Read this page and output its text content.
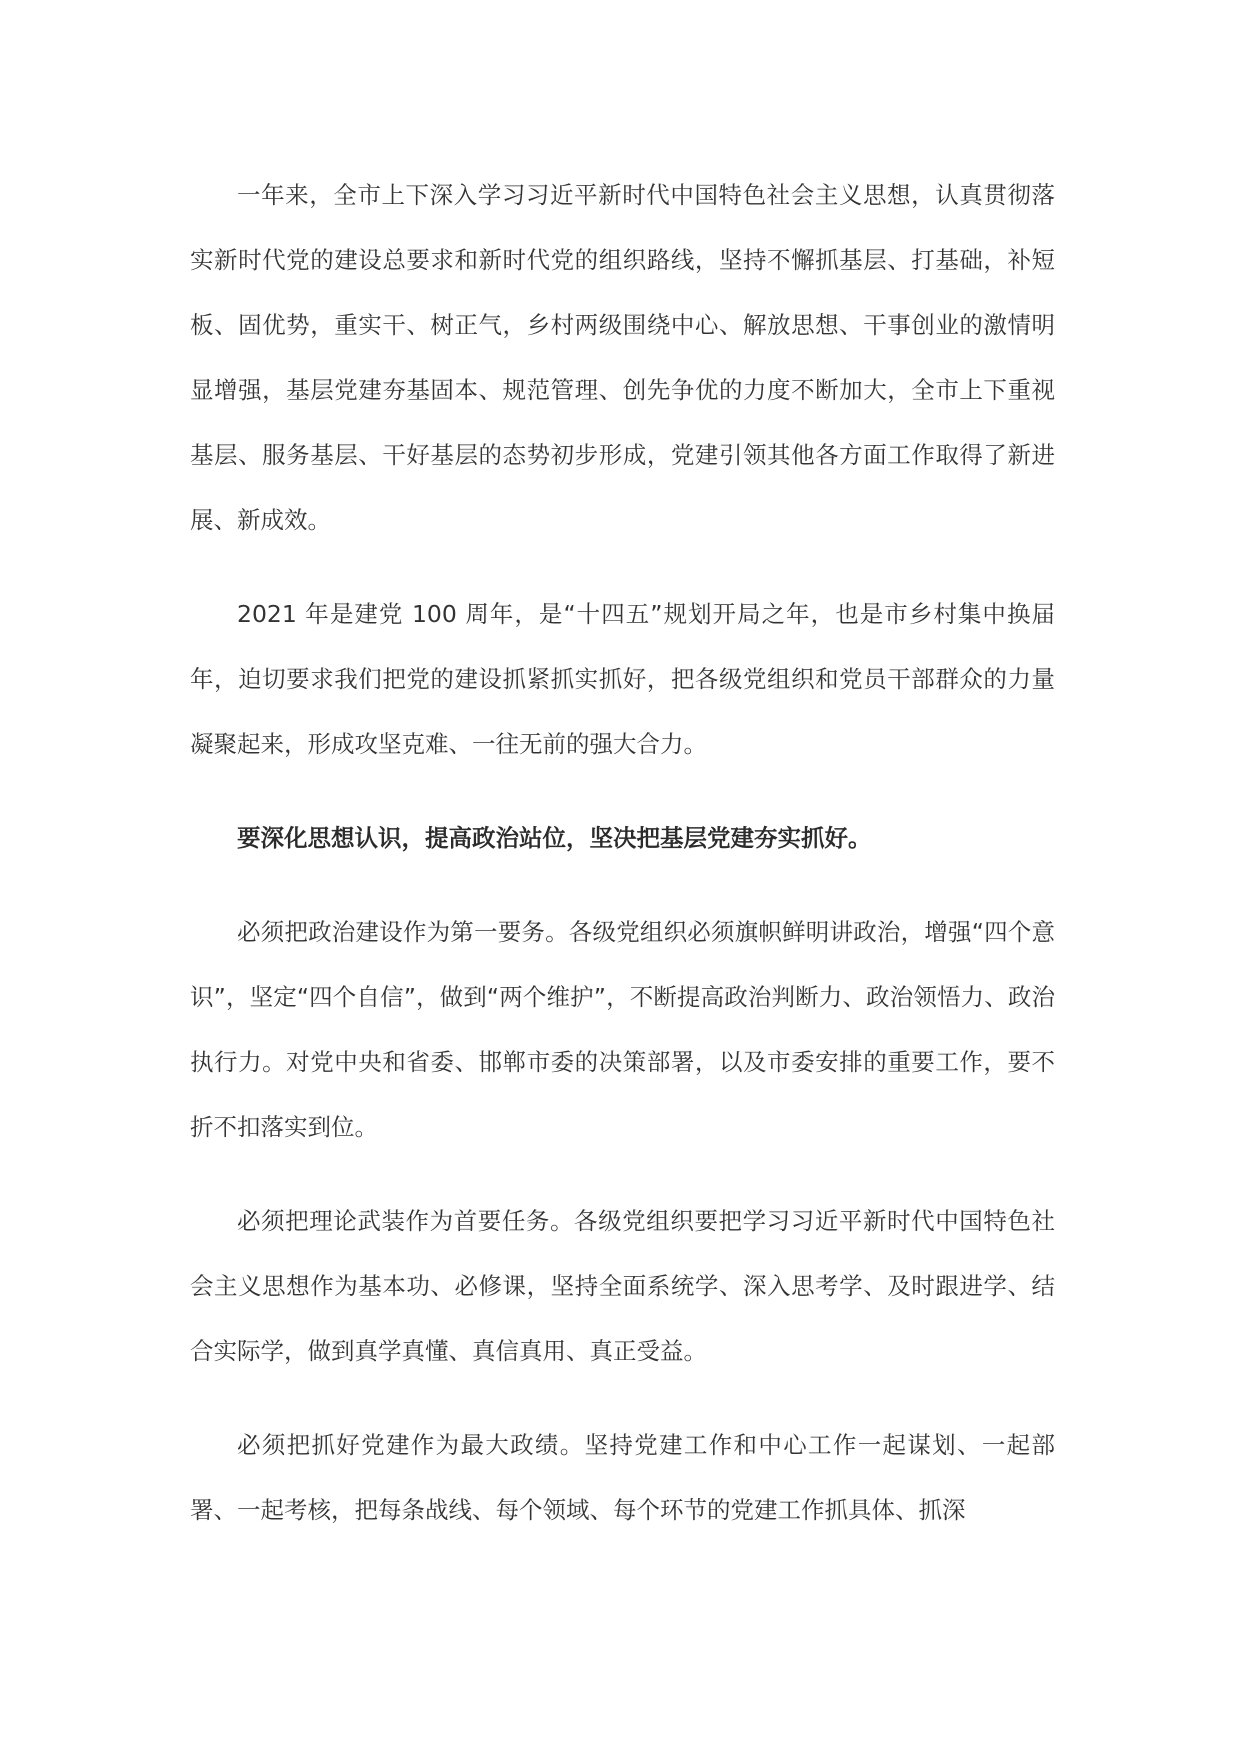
一年来，全市上下深入学习习近平新时代中国特色社会主义思想，认真贯彻落实新时代党的建设总要求和新时代党的组织路线，坚持不懈抓基层、打基础，补短板、固优势，重实干、树正气，乡村两级围绕中心、解放思想、干事创业的激情明显增强，基层党建夯基固本、规范管理、创先争优的力度不断加大，全市上下重视基层、服务基层、干好基层的态势初步形成，党建引领其他各方面工作取得了新进展、新成效。

2021 年是建党 100 周年，是“十四五”规划开局之年，也是市乡村集中换届年，迫切要求我们把党的建设抓紧抓实抓好，把各级党组织和党员干部群众的力量凝聚起来，形成攻坚克难、一往无前的强大合力。

要深化思想认识，提高政治站位，坚决把基层党建夯实抓好。

必须把政治建设作为第一要务。各级党组织必须旗帜鲜明讲政治，增强“四个意识”，坚定“四个自信”，做到“两个维护”，不断提高政治判断力、政治领悟力、政治执行力。对党中央和省委、邯郸市委的决策部署，以及市委安排的重要工作，要不折不扣落实到位。

必须把理论武装作为首要任务。各级党组织要把学习习近平新时代中国特色社会主义思想作为基本功、必修课，坚持全面系统学、深入思考学、及时跟进学、结合实际学，做到真学真懂、真信真用、真正受益。

必须把抓好党建作为最大政绩。坚持党建工作和中心工作一起谋划、一起部署、一起考核，把每条战线、每个领域、每个环节的党建工作抓具体、抓深
